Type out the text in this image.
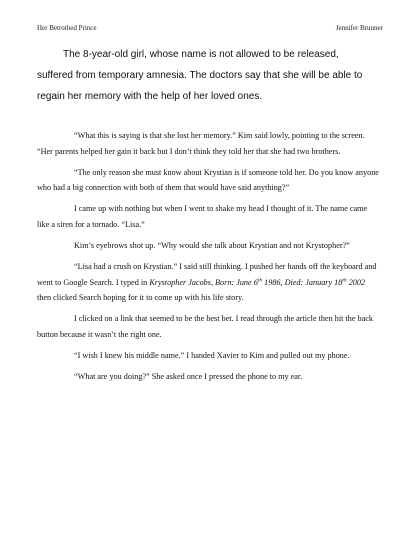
Her Betrothed Prince	Jennifer Brunner

The 8-year-old girl, whose name is not allowed to be released, suffered from temporary amnesia. The doctors say that she will be able to regain her memory with the help of her loved ones.

“What this is saying is that she lost her memory.” Kim said lowly, pointing to the screen. “Her parents helped her gain it back but I don’t think they told her that she had two brothers.

“The only reason she must know about Krystian is if someone told her. Do you know anyone who had a big connection with both of them that would have said anything?”

I came up with nothing but when I went to shake my head I thought of it. The name came like a siren for a tornado. “Lisa.”

Kim’s eyebrows shot up. “Why would she talk about Krystian and not Krystopher?”

“Lisa had a crush on Krystian.” I said still thinking. I pushed her hands off the keyboard and went to Google Search. I typed in Krystopher Jacobs, Born: June 6th 1986, Died: January 18th 2002 then clicked Search hoping for it to come up with his life story.

I clicked on a link that seemed to be the best bet. I read through the article then hit the back button because it wasn’t the right one.

“I wish I knew his middle name.” I handed Xavier to Kim and pulled out my phone.

“What are you doing?” She asked once I pressed the phone to my ear.
